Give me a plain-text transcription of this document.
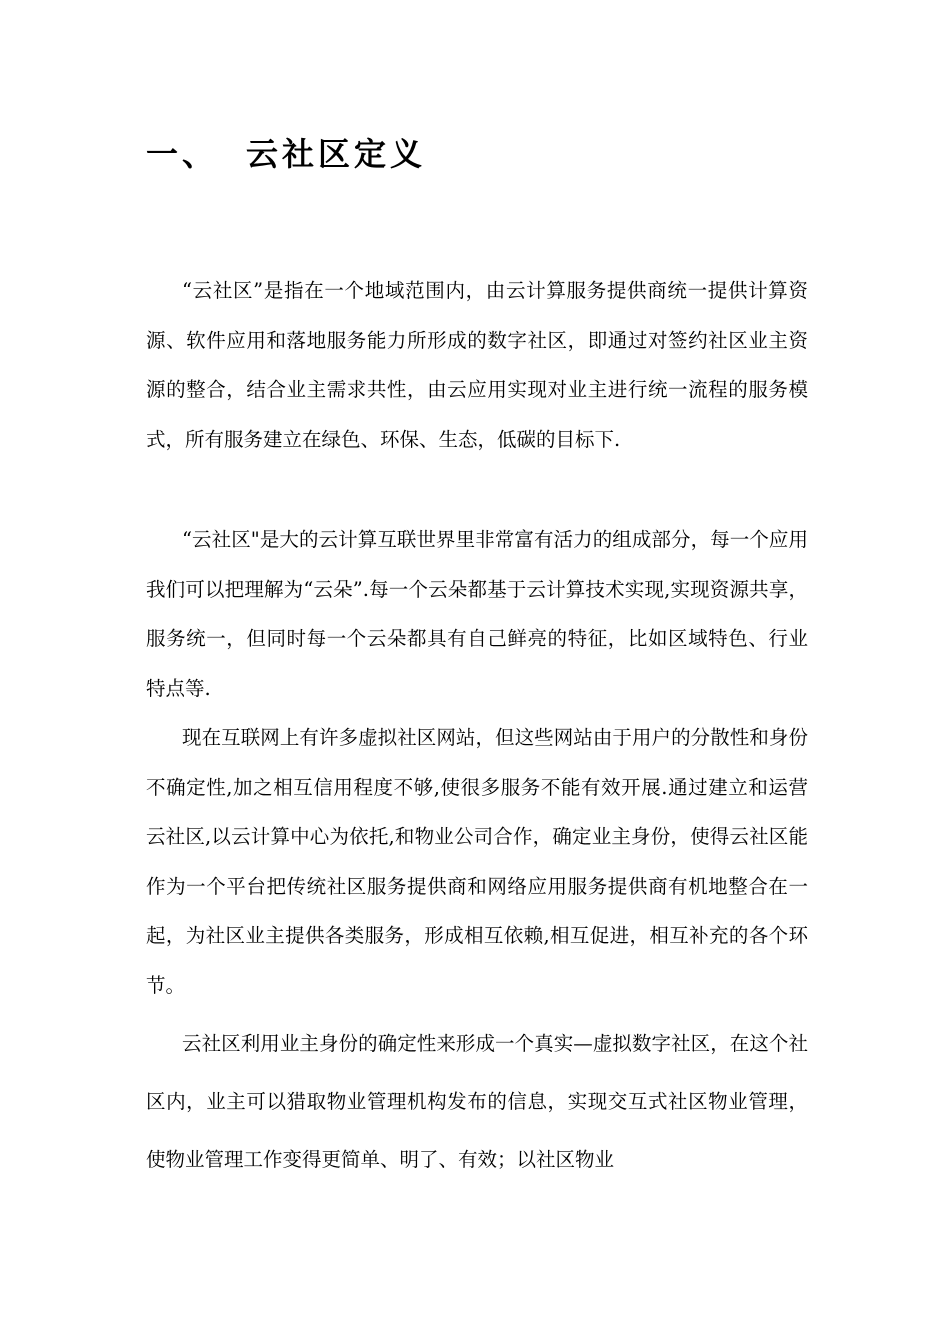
一、 云社区定义

“云社区”是指在一个地域范围内，由云计算服务提供商统一提供计算资源、软件应用和落地服务能力所形成的数字社区，即通过对签约社区业主资源的整合，结合业主需求共性，由云应用实现对业主进行统一流程的服务模式，所有服务建立在绿色、环保、生态，低碳的目标下.

“云社区"是大的云计算互联世界里非常富有活力的组成部分，每一个应用我们可以把理解为“云朵”.每一个云朵都基于云计算技术实现,实现资源共享，服务统一，但同时每一个云朵都具有自己鲜亮的特征，比如区域特色、行业特点等.

现在互联网上有许多虚拟社区网站，但这些网站由于用户的分散性和身份不确定性,加之相互信用程度不够,使很多服务不能有效开展.通过建立和运营云社区,以云计算中心为依托,和物业公司合作，确定业主身份，使得云社区能作为一个平台把传统社区服务提供商和网络应用服务提供商有机地整合在一起，为社区业主提供各类服务，形成相互依赖,相互促进，相互补充的各个环节。

云社区利用业主身份的确定性来形成一个真实—虚拟数字社区，在这个社区内，业主可以猎取物业管理机构发布的信息，实现交互式社区物业管理，使物业管理工作变得更简单、明了、有效；以社区物业
